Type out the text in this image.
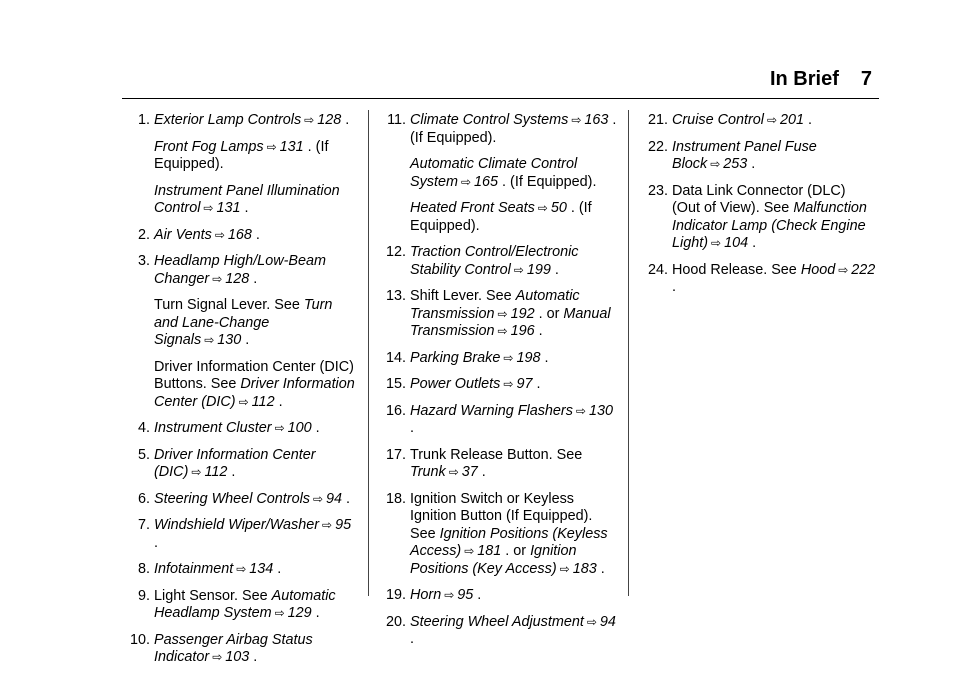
In Brief 7
1. Exterior Lamp Controls ⇨ 128 .
Front Fog Lamps ⇨ 131 . (If Equipped).
Instrument Panel Illumination Control ⇨ 131 .
2. Air Vents ⇨ 168 .
3. Headlamp High/Low-Beam Changer ⇨ 128 .
Turn Signal Lever. See Turn and Lane-Change Signals ⇨ 130 .
Driver Information Center (DIC) Buttons. See Driver Information Center (DIC) ⇨ 112 .
4. Instrument Cluster ⇨ 100 .
5. Driver Information Center (DIC) ⇨ 112 .
6. Steering Wheel Controls ⇨ 94 .
7. Windshield Wiper/Washer ⇨ 95 .
8. Infotainment ⇨ 134 .
9. Light Sensor. See Automatic Headlamp System ⇨ 129 .
10. Passenger Airbag Status Indicator ⇨ 103 .
11. Climate Control Systems ⇨ 163 . (If Equipped).
Automatic Climate Control System ⇨ 165 . (If Equipped).
Heated Front Seats ⇨ 50 . (If Equipped).
12. Traction Control/Electronic Stability Control ⇨ 199 .
13. Shift Lever. See Automatic Transmission ⇨ 192 . or Manual Transmission ⇨ 196 .
14. Parking Brake ⇨ 198 .
15. Power Outlets ⇨ 97 .
16. Hazard Warning Flashers ⇨ 130 .
17. Trunk Release Button. See Trunk ⇨ 37 .
18. Ignition Switch or Keyless Ignition Button (If Equipped). See Ignition Positions (Keyless Access) ⇨ 181 . or Ignition Positions (Key Access) ⇨ 183 .
19. Horn ⇨ 95 .
20. Steering Wheel Adjustment ⇨ 94 .
21. Cruise Control ⇨ 201 .
22. Instrument Panel Fuse Block ⇨ 253 .
23. Data Link Connector (DLC) (Out of View). See Malfunction Indicator Lamp (Check Engine Light) ⇨ 104 .
24. Hood Release. See Hood ⇨ 222 .
